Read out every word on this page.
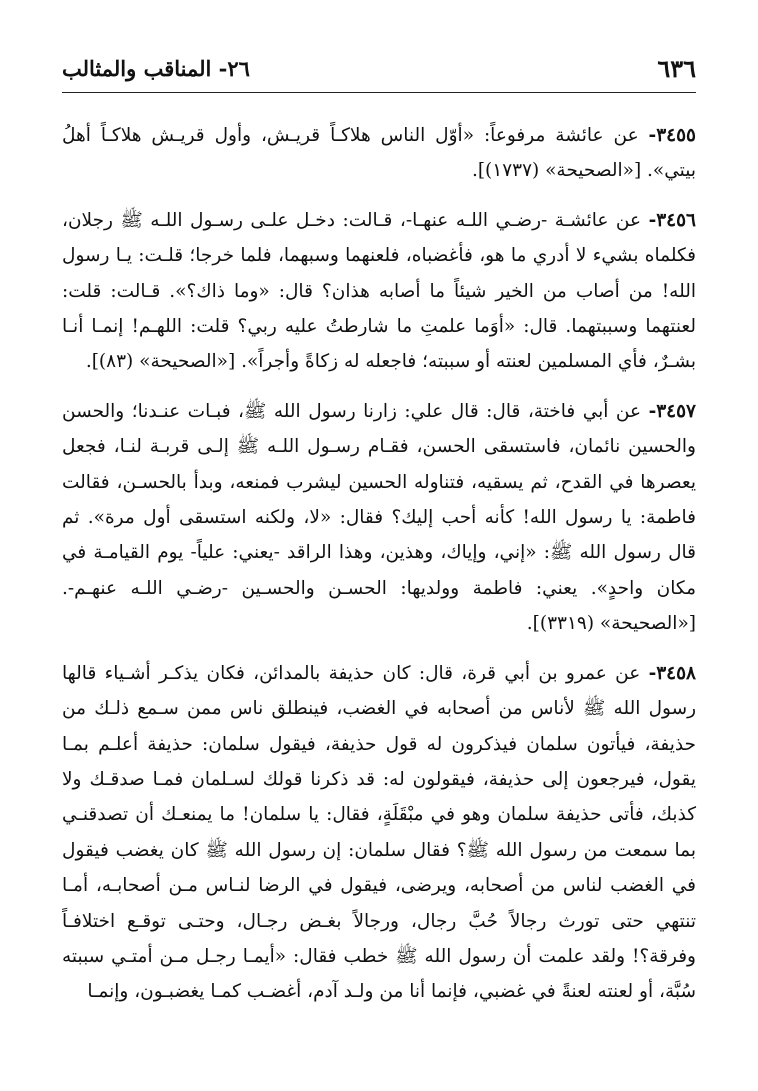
٦٣٦
٢٦- المناقب والمثالب

٣٤٥٥- عن عائشة مرفوعاً: «أوّل الناس هلاكـاً قريـش، وأول قريـش هلاكـاً أهلُ بيتي». [«الصحيحة» (١٧٣٧)].

٣٤٥٦- عن عائشـة -رضـي اللـه عنهـا-، قـالت: دخـل علـى رسـول اللـه ﷺ رجلان، فكلماه بشيء لا أدري ما هو، فأغضباه، فلعنهما وسبهما، فلما خرجا؛ قلـت: يـا رسول الله! من أصاب من الخير شيئاً ما أصابه هذان؟ قال: «وما ذاك؟». قـالت: قلت: لعنتهما وسببتهما. قال: «أوَما علمتِ ما شارطتُ عليه ربي؟ قلت: اللهـم! إنمـا أنـا بشـرٌ، فأي المسلمين لعنته أو سببته؛ فاجعله له زكاةً وأجراً». [«الصحيحة» (٨٣)].

٣٤٥٧- عن أبي فاختة، قال: قال علي: زارنا رسول الله ﷺ، فبـات عنـدنا؛ والحسن والحسين نائمان، فاستسقى الحسن، فقـام رسـول اللـه ﷺ إلـى قربـة لنـا، فجعل يعصرها في القدح، ثم يسقيه، فتناوله الحسين ليشرب فمنعه، وبدأ بالحسـن، فقالت فاطمة: يا رسول الله! كأنه أحب إليك؟ فقال: «لا، ولكنه استسقى أول مرة». ثم قال رسول الله ﷺ: «إني، وإياك، وهذين، وهذا الراقد -يعني: علياً- يوم القيامـة في مكان واحدٍ». يعني: فاطمة وولديها: الحسـن والحسـين -رضـي اللـه عنهـم-. [«الصحيحة» (٣٣١٩)].

٣٤٥٨- عن عمرو بن أبي قرة، قال: كان حذيفة بالمدائن، فكان يذكـر أشـياء قالها رسول الله ﷺ لأناس من أصحابه في الغضب، فينطلق ناس ممن سـمع ذلـك من حذيفة، فيأتون سلمان فيذكرون له قول حذيفة، فيقول سلمان: حذيفة أعلـم بمـا يقول، فيرجعون إلى حذيفة، فيقولون له: قد ذكرنا قولك لسـلمان فمـا صدقـك ولا كذبك، فأتى حذيفة سلمان وهو في مبْقَلَةٍ، فقال: يا سلمان! ما يمنعـك أن تصدقنـي بما سمعت من رسول الله ﷺ؟ فقال سلمان: إن رسول الله ﷺ كان يغضب فيقول في الغضب لناس من أصحابه، ويرضى، فيقول في الرضا لنـاس مـن أصحابـه، أمـا تنتهي حتى تورث رجالاً حُبَّ رجال، ورجالاً بغـض رجـال، وحتـى توقـع اختلافـاً وفرقة؟! ولقد علمت أن رسول الله ﷺ خطب فقال: «أيمـا رجـل مـن أمتـي سببته سُبَّة، أو لعنته لعنةً في غضبي، فإنما أنا من ولـد آدم، أغضـب كمـا يغضبـون، وإنمـا
